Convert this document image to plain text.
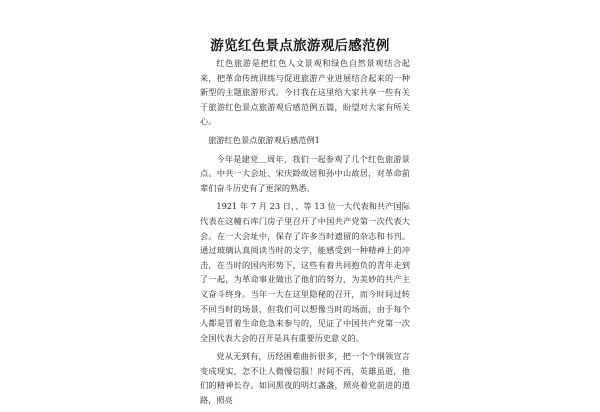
游览红色景点旅游观后感范例

红色旅游是把红色人文景观和绿色自然景观结合起来，把革命传统训练与促进旅游产业进展结合起来的一种新型的主题旅游形式。今日我在这里给大家共享一些有关于旅游红色景点旅游观后感范例五篇，盼望对大家有所关心。

旅游红色景点旅游观后感范例1

今年是建党＿周年，我们一起参观了几个红色旅游景点。中共一大会址、宋庆龄故居和孙中山故居，对革命前辈们奋斗历史有了更深的熟悉。

1921 年 7 月 23 日，、等 13 位一大代表和共产国际代表在这幢石库门房子里召开了中国共产党第一次代表大会。在一大会址中，保存了许多当时遗留的杂志和书刊。通过玻璃认真阅读当时的文字，能感受到一种精神上的冲击，在当时的国内形势下，这些有着共同抱负的青年走到了一起，为革命事业做出了他们的努力，为美妙的共产主义奋斗终身。当年一大在这里隐秘的召开，而今时间过转不回当时的场景，但我们可以想像当时的场面，由于每个人都是冒着生命危急来参与的，见证了中国共产党第一次全国代表大会的召开是具有重要历史意义的。

党从无到有，历经困难曲折很多，把一个个纲领宣言变成现实，怎不让人微慢信服！时间不再，英雄虽逝，他们的精神长存。如同黑夜的明灯盏盏，照亮着党前进的道路，照亮
